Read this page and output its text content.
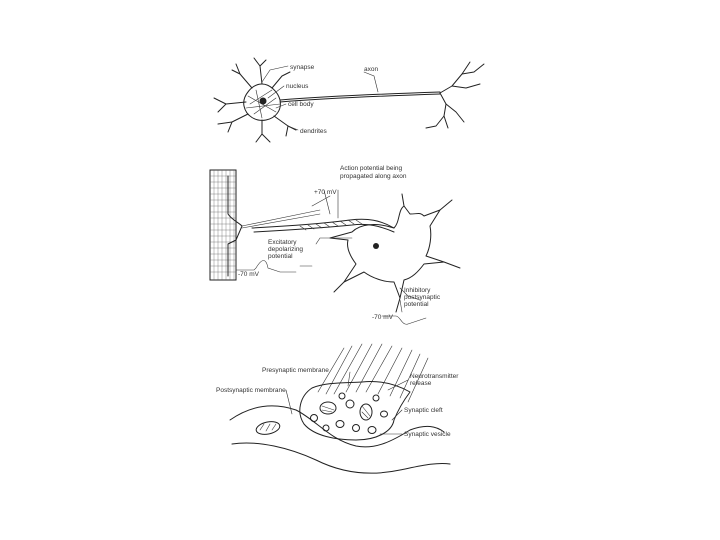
synapse	axon
nucleus
cell body
dendrites
Action potential being
propagated along axon
+70 mV
Excitatory
depolarizing
potential
-70 mV
Inhibitory
postsynaptic
potential
-70 mV
Presynaptic membrane
Postsynaptic membrane
Neurotransmitter
release
Synaptic cleft
Synaptic vesicle
